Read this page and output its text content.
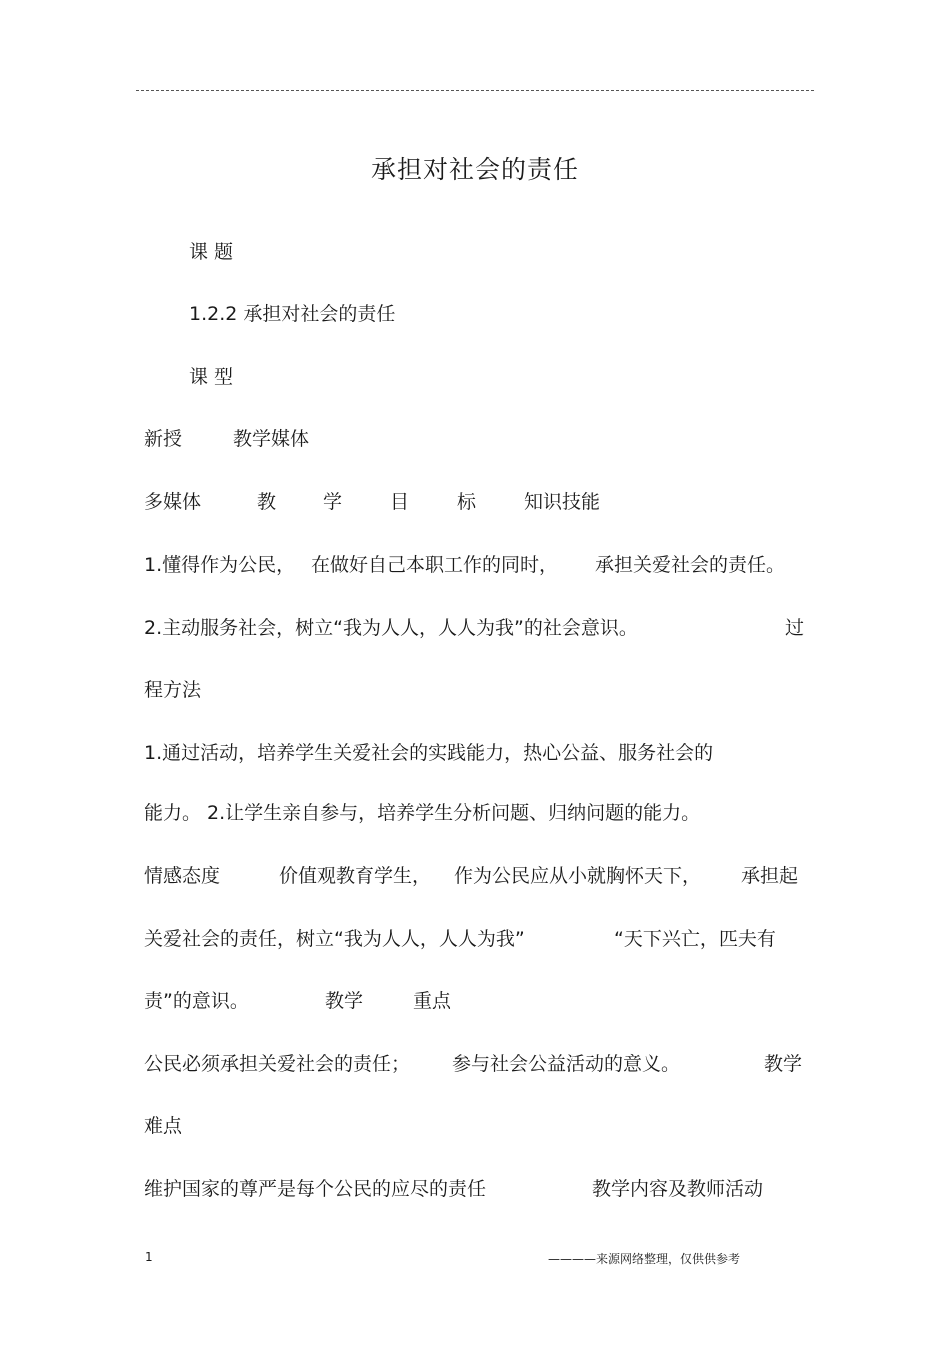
承担对社会的责任
课 题
1.2.2 承担对社会的责任
课 型
新授	教学媒体
多媒体	教 学	目	标	知识技能
1.懂得作为公民， 在做好自己本职工作的同时， 承担关爱社会的责任。
2.主动服务社会，树立“我为人人，人人为我”的社会意识。	过
程方法
1.通过活动，培养学生关爱社会的实践能力，热心公益、服务社会的
能力。 2.让学生亲自参与，培养学生分析问题、归纳问题的能力。
情感态度	价值观教育学生， 作为公民应从小就胸怀天下， 承担起
关爱社会的责任，树立“我为人人，人人为我”	“天下兴亡，匹夫有
责”的意识。	教学	重点
公民必须承担关爱社会的责任； 参与社会公益活动的意义。	教学
难点
维护国家的尊严是每个公民的应尽的责任	教学内容及教师活动
1	————来源网络整理，仅供供参考
